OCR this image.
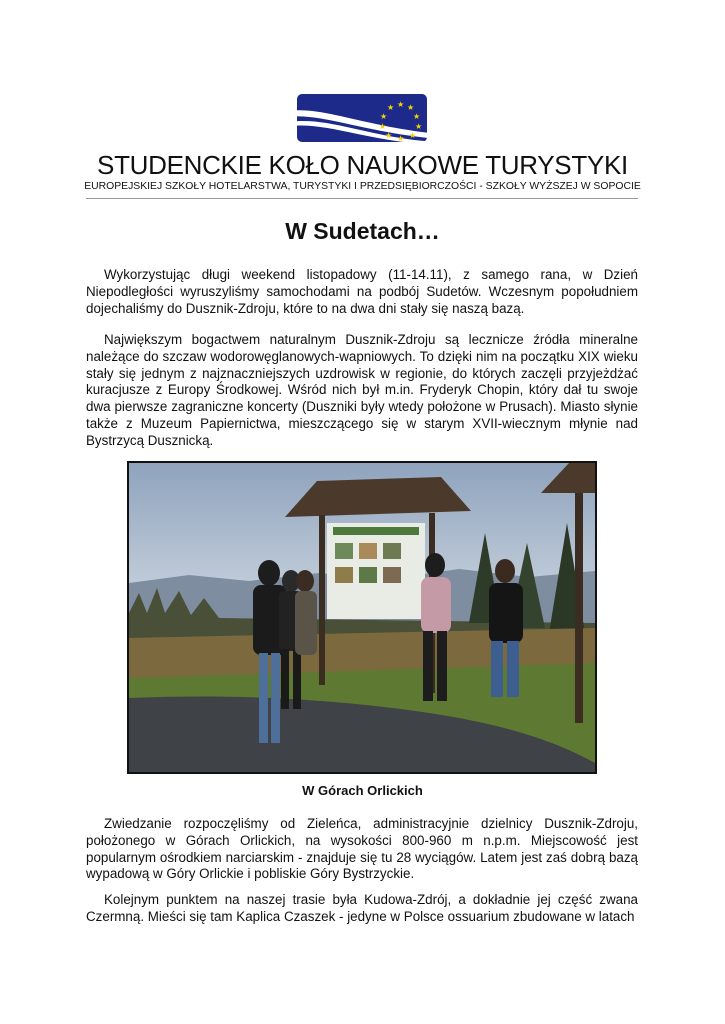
★ ★ ★
★	★
★	★
★ ★ ★
STUDENCKIE KOŁO NAUKOWE TURYSTYKI
EUROPEJSKIEJ SZKOŁY HOTELARSTWA, TURYSTYKI I PRZEDSIĘBIORCZOŚCI - SZKOŁY WYŻSZEJ W SOPOCIE
W Sudetach…

Wykorzystując długi weekend listopadowy (11-14.11), z samego rana, w Dzień Niepodległości wyruszyliśmy samochodami na podbój Sudetów. Wczesnym popołudniem dojechaliśmy do Dusznik-Zdroju, które to na dwa dni stały się naszą bazą.

Największym bogactwem naturalnym Dusznik-Zdroju są lecznicze źródła mineralne należące do szczaw wodorowęglanowych-wapniowych. To dzięki nim na początku XIX wieku stały się jednym z najznaczniejszych uzdrowisk w regionie, do których zaczęli przyjeżdżać kuracjusze z Europy Środkowej. Wśród nich był m.in. Fryderyk Chopin, który dał tu swoje dwa pierwsze zagraniczne koncerty (Duszniki były wtedy położone w Prusach). Miasto słynie także z Muzeum Papiernictwa, mieszczącego się w starym XVII-wiecznym młynie nad Bystrzycą Dusznicką.

W Górach Orlickich

Zwiedzanie rozpoczęliśmy od Zieleńca, administracyjnie dzielnicy Dusznik-Zdroju, położonego w Górach Orlickich, na wysokości 800-960 m n.p.m. Miejscowość jest popularnym ośrodkiem narciarskim - znajduje się tu 28 wyciągów. Latem jest zaś dobrą bazą wypadową w Góry Orlickie i pobliskie Góry Bystrzyckie.

Kolejnym punktem na naszej trasie była Kudowa-Zdrój, a dokładnie jej część zwana Czermną. Mieści się tam Kaplica Czaszek - jedyne w Polsce ossuarium zbudowane w latach
